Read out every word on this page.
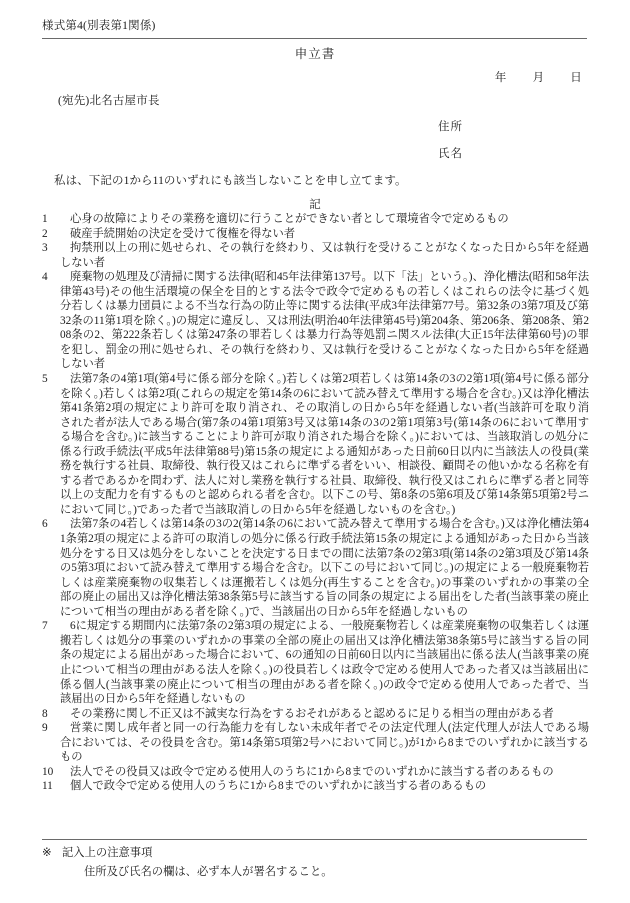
様式第4(別表第1関係)
申立書
年 月 日
(宛先)北名古屋市長
住所
氏名
私は、下記の1から11のいずれにも該当しないことを申し立てます。
記
1	心身の故障によりその業務を適切に行うことができない者として環境省令で定めるもの
2	破産手続開始の決定を受けて復権を得ない者
3	拘禁刑以上の刑に処せられ、その執行を終わり、又は執行を受けることがなくなった日から5年を経過しない者
4	廃棄物の処理及び清掃に関する法律(昭和45年法律第137号。以下「法」という。)、浄化槽法(昭和58年法律第43号)その他生活環境の保全を目的とする法令で政令で定めるもの若しくはこれらの法令に基づく処分若しくは暴力団員による不当な行為の防止等に関する法律(平成3年法律第77号。第32条の3第7項及び第32条の11第1項を除く。)の規定に違反し、又は刑法(明治40年法律第45号)第204条、第206条、第208条、第208条の2、第222条若しくは第247条の罪若しくは暴力行為等処罰ニ関スル法律(大正15年法律第60号)の罪を犯し、罰金の刑に処せられ、その執行を終わり、又は執行を受けることがなくなった日から5年を経過しない者
5	法第7条の4第1項(第4号に係る部分を除く。)若しくは第2項若しくは第14条の3の2第1項(第4号に係る部分を除く。)若しくは第2項(これらの規定を第14条の6において読み替えて準用する場合を含む。)又は浄化槽法第41条第2項の規定により許可を取り消され、その取消しの日から5年を経過しない者(当該許可を取り消された者が法人である場合(第7条の4第1項第3号又は第14条の3の2第1項第3号(第14条の6において準用する場合を含む。)に該当することにより許可が取り消された場合を除く。)においては、当該取消しの処分に係る行政手続法(平成5年法律第88号)第15条の規定による通知があった日前60日以内に当該法人の役員(業務を執行する社員、取締役、執行役又はこれらに準ずる者をいい、相談役、顧問その他いかなる名称を有する者であるかを問わず、法人に対し業務を執行する社員、取締役、執行役又はこれらに準ずる者と同等以上の支配力を有するものと認められる者を含む。以下この号、第8条の5第6項及び第14条第5項第2号ニにおいて同じ。)であった者で当該取消しの日から5年を経過しないものを含む。)
6	法第7条の4若しくは第14条の3の2(第14条の6において読み替えて準用する場合を含む。)又は浄化槽法第41条第2項の規定による許可の取消しの処分に係る行政手続法第15条の規定による通知があった日から当該処分をする日又は処分をしないことを決定する日までの間に法第7条の2第3項(第14条の2第3項及び第14条の5第3項において読み替えて準用する場合を含む。以下この号において同じ。)の規定による一般廃棄物若しくは産業廃棄物の収集若しくは運搬若しくは処分(再生することを含む。)の事業のいずれかの事業の全部の廃止の届出又は浄化槽法第38条第5号に該当する旨の同条の規定による届出をした者(当該事業の廃止について相当の理由がある者を除く。)で、当該届出の日から5年を経過しないもの
7	6に規定する期間内に法第7条の2第3項の規定による、一般廃棄物若しくは産業廃棄物の収集若しくは運搬若しくは処分の事業のいずれかの事業の全部の廃止の届出又は浄化槽法第38条第5号に該当する旨の同条の規定による届出があった場合において、6の通知の日前60日以内に当該届出に係る法人(当該事業の廃止について相当の理由がある法人を除く。)の役員若しくは政令で定める使用人であった者又は当該届出に係る個人(当該事業の廃止について相当の理由がある者を除く。)の政令で定める使用人であった者で、当該届出の日から5年を経過しないもの
8	その業務に関し不正又は不誠実な行為をするおそれがあると認めるに足りる相当の理由がある者
9	営業に関し成年者と同一の行為能力を有しない未成年者でその法定代理人(法定代理人が法人である場合においては、その役員を含む。第14条第5項第2号ハにおいて同じ。)が1から8までのいずれかに該当するもの
10	法人でその役員又は政令で定める使用人のうちに1から8までのいずれかに該当する者のあるもの
11	個人で政令で定める使用人のうちに1から8までのいずれかに該当する者のあるもの
※ 記入上の注意事項
住所及び氏名の欄は、必ず本人が署名すること。
